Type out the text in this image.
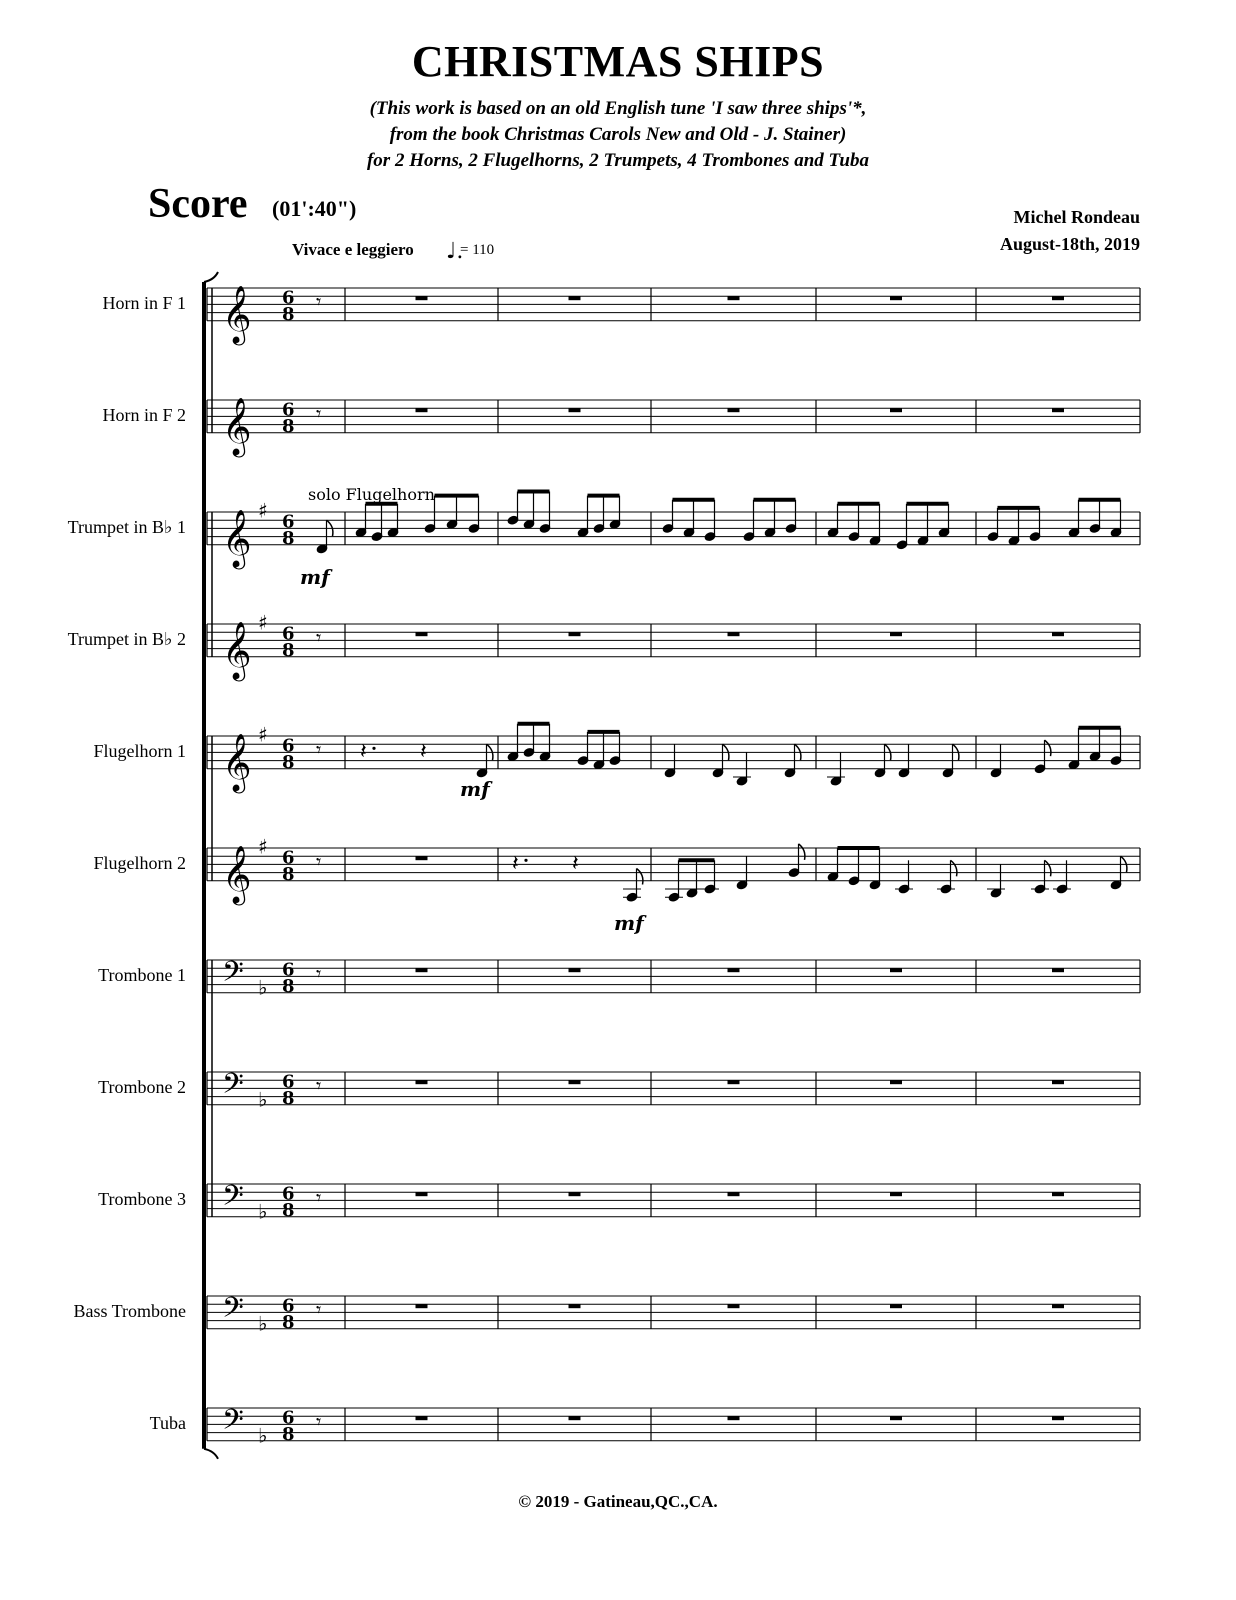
CHRISTMAS SHIPS
(This work is based on an old English tune 'I saw three ships'*,
from the book Christmas Carols New and Old - J. Stainer)
for 2 Horns, 2 Flugelhorns, 2 Trumpets, 4 Trombones and Tuba
Score (01':40")	Michel Rondeau
August-18th, 2019
Vivace e leggiero	= 110
Horn in F 1
Horn in F 2
Trumpet in B♭ 1
Trumpet in B♭ 2
Flugelhorn 1
Flugelhorn 2
Trombone 1
Trombone 2
Trombone 3
Bass Trombone
Tuba
♩.
𝄞 6
8
𝄞 6
8
𝄞 ♯ 6
8
𝄞 ♯ 6
8
𝄞 ♯ 6
8
𝄞 ♯ 6
8
𝄢 ♭
6
8
𝄢 ♭
6
8
𝄢 ♭
6
8
𝄢 ♭
6
8
𝄢 ♭
6
8
𝄾
𝄾
𝄾
𝄾
𝄾
𝄾
𝄾
𝄾
mf
solo Flugelhorn
𝄾 𝄽 𝄽
mf
𝄾	𝄽 𝄽
mf
© 2019 - Gatineau,QC.,CA.
